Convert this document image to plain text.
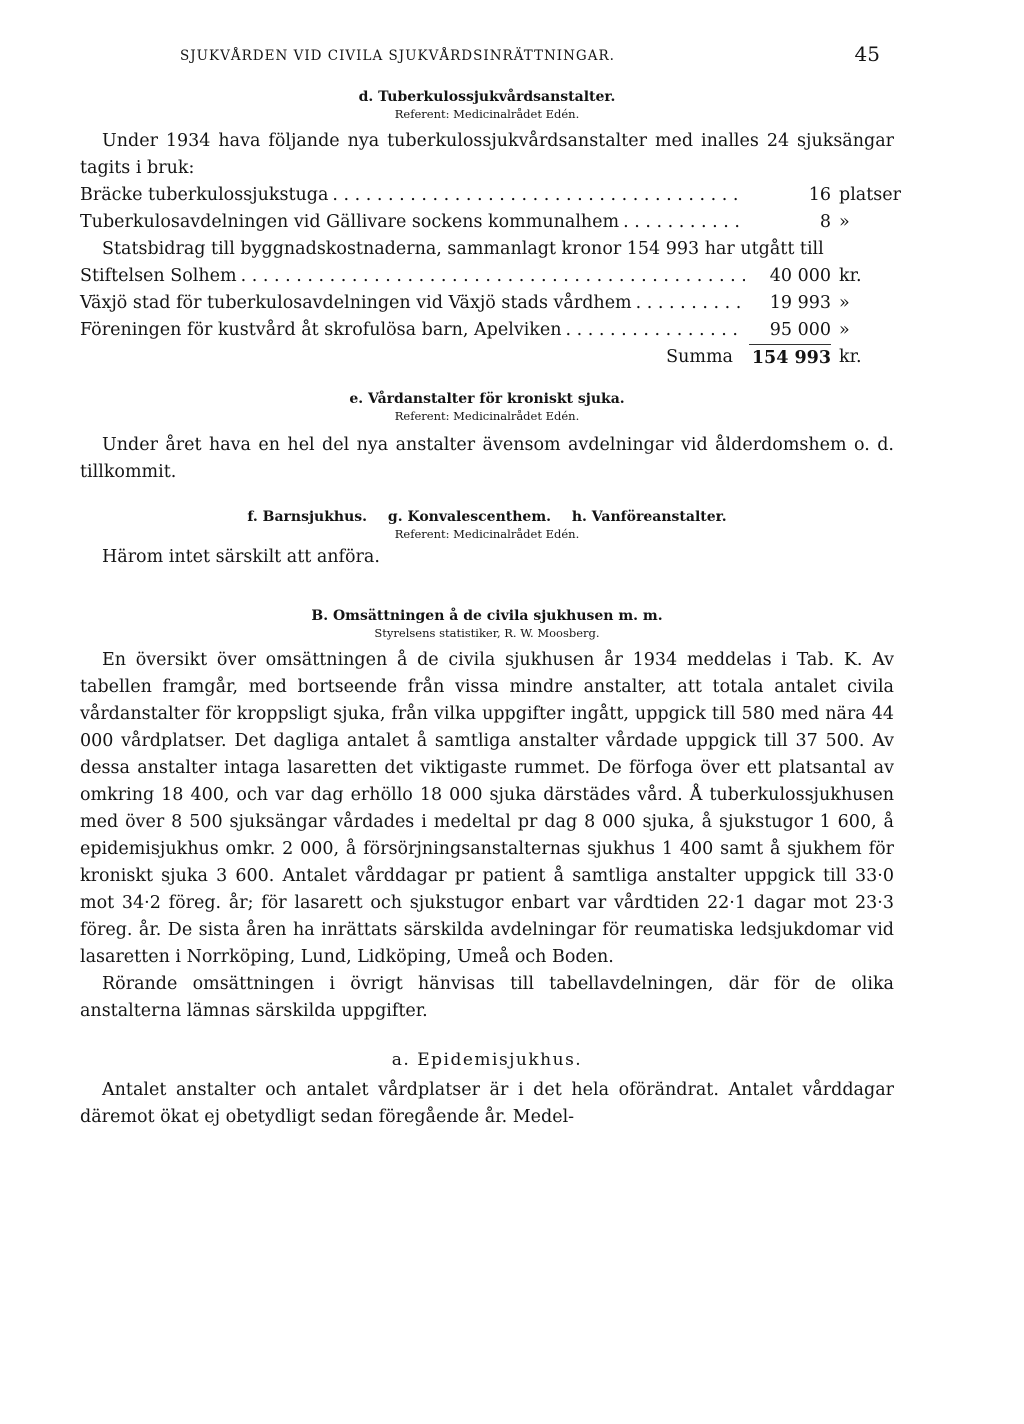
SJUKVÅRDEN VID CIVILA SJUKVÅRDSINRÄTTNINGAR.	45
d. Tuberkulossjukvårdsanstalter.
Referent: Medicinalrådet Edén.

Under 1934 hava följande nya tuberkulossjukvårdsanstalter med inalles 24 sjuksängar tagits i bruk:

Bräcke tuberkulossjukstuga . . .	16 platser
Tuberkulosavdelningen vid Gällivare sockens kommunalhem . . .	8 »

Statsbidrag till byggnadskostnaderna, sammanlagt kronor 154 993 har utgått till

Stiftelsen Solhem . . .	40 000 kr.
Växjö stad för tuberkulosavdelningen vid Växjö stads vårdhem . . .	19 993 »
Föreningen för kustvård åt skrofulösa barn, Apelviken . . .	95 000 »
Summa 154 993 kr.
e. Vårdanstalter för kroniskt sjuka.
Referent: Medicinalrådet Edén.

Under året hava en hel del nya anstalter ävensom avdelningar vid ålderdomshem o. d. tillkommit.

f. Barnsjukhus. g. Konvalescenthem. h. Vanföreanstalter.
Referent: Medicinalrådet Edén.

Härom intet särskilt att anföra.

B. Omsättningen å de civila sjukhusen m. m.
Styrelsens statistiker, R. W. Moosberg.

En översikt över omsättningen å de civila sjukhusen år 1934 meddelas i Tab. K. Av tabellen framgår, med bortseende från vissa mindre anstalter, att totala antalet civila vårdanstalter för kroppsligt sjuka, från vilka uppgifter ingått, uppgick till 580 med nära 44 000 vårdplatser. Det dagliga antalet å samtliga anstalter vårdade uppgick till 37 500. Av dessa anstalter intaga lasaretten det viktigaste rummet. De förfoga över ett platsantal av omkring 18 400, och var dag erhöllo 18 000 sjuka därstädes vård. Å tuberkulossjukhusen med över 8 500 sjuksängar vårdades i medeltal pr dag 8 000 sjuka, å sjukstugor 1 600, å epidemisjukhus omkr. 2 000, å försörjningsanstalternas sjukhus 1 400 samt å sjukhem för kroniskt sjuka 3 600. Antalet vårddagar pr patient å samtliga anstalter uppgick till 33·0 mot 34·2 föreg. år; för lasarett och sjukstugor enbart var vårdtiden 22·1 dagar mot 23·3 föreg. år. De sista åren ha inrättats särskilda avdelningar för reumatiska ledsjukdomar vid lasaretten i Norrköping, Lund, Lidköping, Umeå och Boden.

Rörande omsättningen i övrigt hänvisas till tabellavdelningen, där för de olika anstalterna lämnas särskilda uppgifter.

a. Epidemisjukhus.

Antalet anstalter och antalet vårdplatser är i det hela oförändrat. Antalet vårddagar däremot ökat ej obetydligt sedan föregående år. Medel-
